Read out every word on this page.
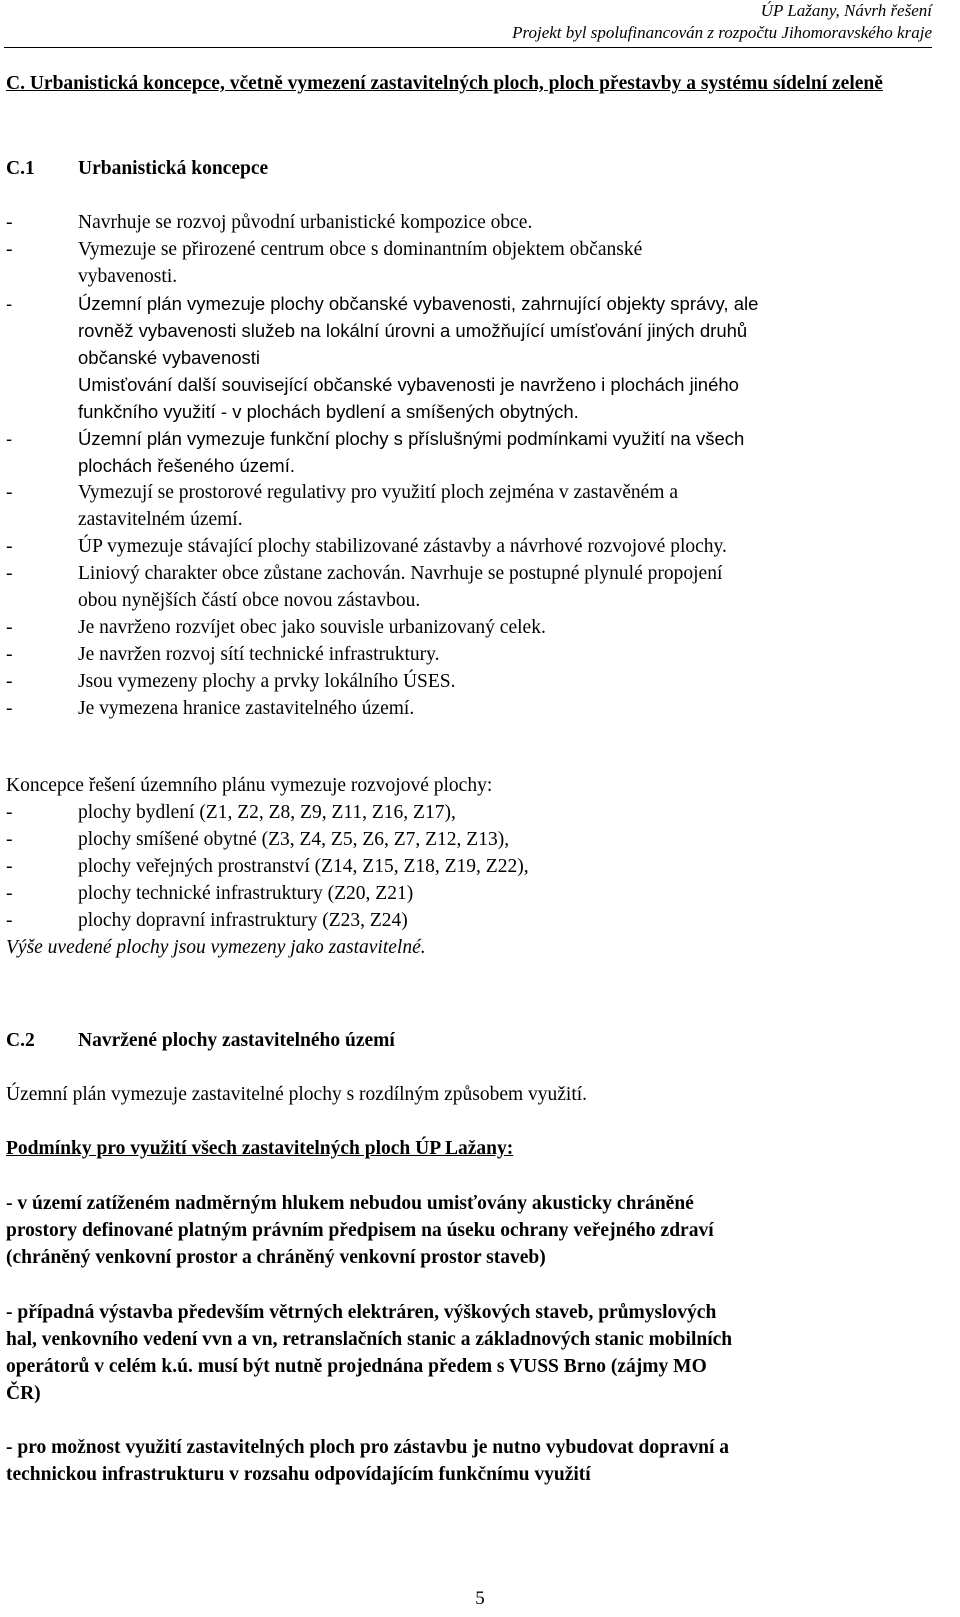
ÚP Lažany, Návrh řešení
Projekt byl spolufinancován z rozpočtu Jihomoravského kraje
C. Urbanistická koncepce, včetně vymezení zastavitelných ploch, ploch přestavby a systému sídelní zeleně
C.1	Urbanistická koncepce
-	Navrhuje se rozvoj původní urbanistické kompozice obce.
-	Vymezuje se přirozené centrum obce s dominantním objektem občanské
vybavenosti.
-	Územní plán vymezuje plochy občanské vybavenosti, zahrnující objekty správy, ale
rovněž vybavenosti služeb na lokální úrovni a umožňující umísťování jiných druhů
občanské vybavenosti
Umisťování další související občanské vybavenosti je navrženo i plochách jiného
funkčního využití - v plochách bydlení a smíšených obytných.
-	Územní plán vymezuje funkční plochy s příslušnými podmínkami využití na všech
plochách řešeného území.
-	Vymezují se prostorové regulativy pro využití ploch zejména v zastavěném a
zastavitelném území.
-	ÚP vymezuje stávající plochy stabilizované zástavby a návrhové rozvojové plochy.
-	Liniový charakter obce zůstane zachován. Navrhuje se postupné plynulé propojení
obou nynějších částí obce novou zástavbou.
-	Je navrženo rozvíjet obec jako souvisle urbanizovaný celek.
-	Je navržen rozvoj sítí technické infrastruktury.
-	Jsou vymezeny plochy a prvky lokálního ÚSES.
-	Je vymezena hranice zastavitelného území.
Koncepce řešení územního plánu vymezuje rozvojové plochy:
-	plochy bydlení (Z1, Z2, Z8, Z9, Z11, Z16, Z17),
-	plochy smíšené obytné (Z3, Z4, Z5, Z6, Z7, Z12, Z13),
-	plochy veřejných prostranství (Z14, Z15, Z18, Z19, Z22),
-	plochy technické infrastruktury (Z20, Z21)
-	plochy dopravní infrastruktury (Z23, Z24)
Výše uvedené plochy jsou vymezeny jako zastavitelné.
C.2	Navržené plochy zastavitelného území
Územní plán vymezuje zastavitelné plochy s rozdílným způsobem využití.
Podmínky pro využití všech zastavitelných ploch ÚP Lažany:
- v území zatíženém nadměrným hlukem nebudou umisťovány akusticky chráněné
prostory definované platným právním předpisem na úseku ochrany veřejného zdraví
(chráněný venkovní prostor a chráněný venkovní prostor staveb)
- případná výstavba především větrných elektráren, výškových staveb, průmyslových
hal, venkovního vedení vvn a vn, retranslačních stanic a základnových stanic mobilních
operátorů v celém k.ú. musí být nutně projednána předem s VUSS Brno (zájmy MO
ČR)
- pro možnost využití zastavitelných ploch pro zástavbu je nutno vybudovat dopravní a
technickou infrastrukturu v rozsahu odpovídajícím funkčnímu využití
5
